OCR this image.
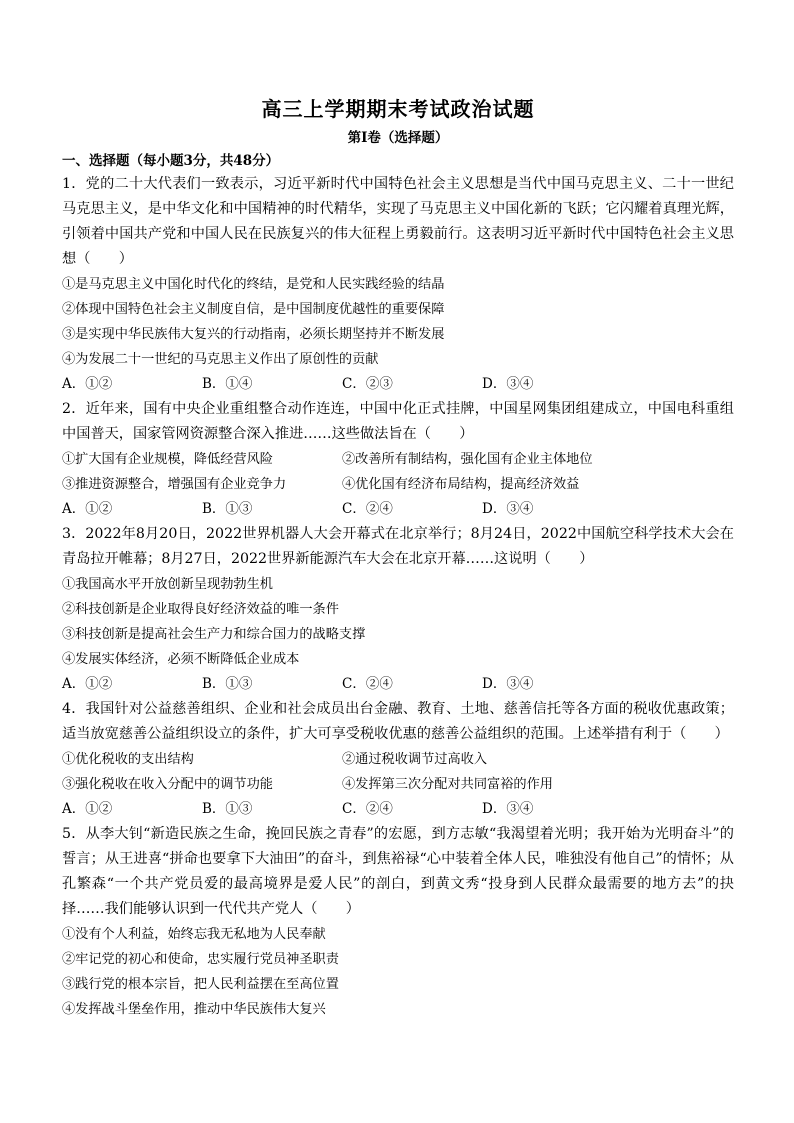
高三上学期期末考试政治试题
第Ⅰ卷（选择题）
一、选择题（每小题3分，共48分）

1．党的二十大代表们一致表示，习近平新时代中国特色社会主义思想是当代中国马克思主义、二十一世纪马克思主义，是中华文化和中国精神的时代精华，实现了马克思主义中国化新的飞跃；它闪耀着真理光辉，引领着中国共产党和中国人民在民族复兴的伟大征程上勇毅前行。这表明习近平新时代中国特色社会主义思想（　　）

①是马克思主义中国化时代化的终结，是党和人民实践经验的结晶

②体现中国特色社会主义制度自信，是中国制度优越性的重要保障

③是实现中华民族伟大复兴的行动指南，必须长期坚持并不断发展

④为发展二十一世纪的马克思主义作出了原创性的贡献

A．①②	B．①④	C．②③	D．③④

2．近年来，国有中央企业重组整合动作连连，中国中化正式挂牌，中国星网集团组建成立，中国电科重组中国普天，国家管网资源整合深入推进……这些做法旨在（　　）

①扩大国有企业规模，降低经营风险	②改善所有制结构，强化国有企业主体地位
③推进资源整合，增强国有企业竞争力	④优化国有经济布局结构，提高经济效益
A．①②	B．①③	C．②④	D．③④

3．2022年8月20日，2022世界机器人大会开幕式在北京举行；8月24日，2022中国航空科学技术大会在青岛拉开帷幕；8月27日，2022世界新能源汽车大会在北京开幕……这说明（　　）

①我国高水平开放创新呈现勃勃生机

②科技创新是企业取得良好经济效益的唯一条件

③科技创新是提高社会生产力和综合国力的战略支撑

④发展实体经济，必须不断降低企业成本

A．①②	B．①③	C．②④	D．③④

4．我国针对公益慈善组织、企业和社会成员出台金融、教育、土地、慈善信托等各方面的税收优惠政策；适当放宽慈善公益组织设立的条件，扩大可享受税收优惠的慈善公益组织的范围。上述举措有利于（　　）

①优化税收的支出结构	②通过税收调节过高收入
③强化税收在收入分配中的调节功能	④发挥第三次分配对共同富裕的作用
A．①②	B．①③	C．②④	D．③④

5．从李大钊“新造民族之生命，挽回民族之青春”的宏愿，到方志敏“我渴望着光明；我开始为光明奋斗”的誓言；从王进喜“拼命也要拿下大油田”的奋斗，到焦裕禄“心中装着全体人民，唯独没有他自己”的情怀；从孔繁森“一个共产党员爱的最高境界是爱人民”的剖白，到黄文秀“投身到人民群众最需要的地方去”的抉择……我们能够认识到一代代共产党人（　　）

①没有个人利益，始终忘我无私地为人民奉献

②牢记党的初心和使命，忠实履行党员神圣职责

③践行党的根本宗旨，把人民利益摆在至高位置

④发挥战斗堡垒作用，推动中华民族伟大复兴
